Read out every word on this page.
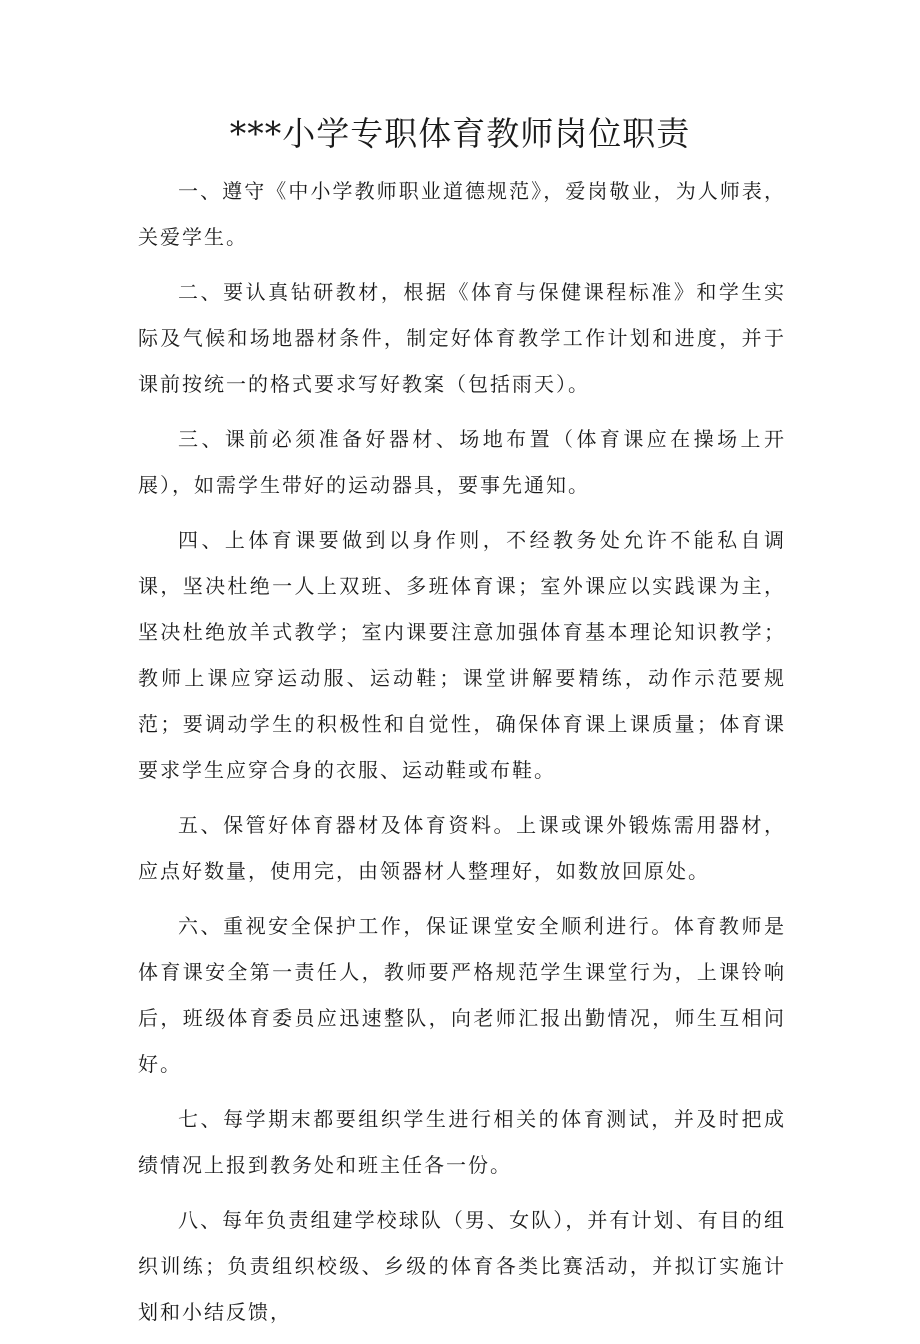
***小学专职体育教师岗位职责

一、遵守《中小学教师职业道德规范》，爱岗敬业，为人师表，关爱学生。

二、要认真钻研教材，根据《体育与保健课程标准》和学生实际及气候和场地器材条件，制定好体育教学工作计划和进度，并于课前按统一的格式要求写好教案（包括雨天）。

三、课前必须准备好器材、场地布置（体育课应在操场上开展），如需学生带好的运动器具，要事先通知。

四、上体育课要做到以身作则，不经教务处允许不能私自调课，坚决杜绝一人上双班、多班体育课；室外课应以实践课为主，坚决杜绝放羊式教学；室内课要注意加强体育基本理论知识教学；教师上课应穿运动服、运动鞋；课堂讲解要精练，动作示范要规范；要调动学生的积极性和自觉性，确保体育课上课质量；体育课要求学生应穿合身的衣服、运动鞋或布鞋。

五、保管好体育器材及体育资料。上课或课外锻炼需用器材，应点好数量，使用完，由领器材人整理好，如数放回原处。

六、重视安全保护工作，保证课堂安全顺利进行。体育教师是体育课安全第一责任人，教师要严格规范学生课堂行为，上课铃响后，班级体育委员应迅速整队，向老师汇报出勤情况，师生互相问好。

七、每学期末都要组织学生进行相关的体育测试，并及时把成绩情况上报到教务处和班主任各一份。

八、每年负责组建学校球队（男、女队），并有计划、有目的组织训练；负责组织校级、乡级的体育各类比赛活动，并拟订实施计划和小结反馈，
